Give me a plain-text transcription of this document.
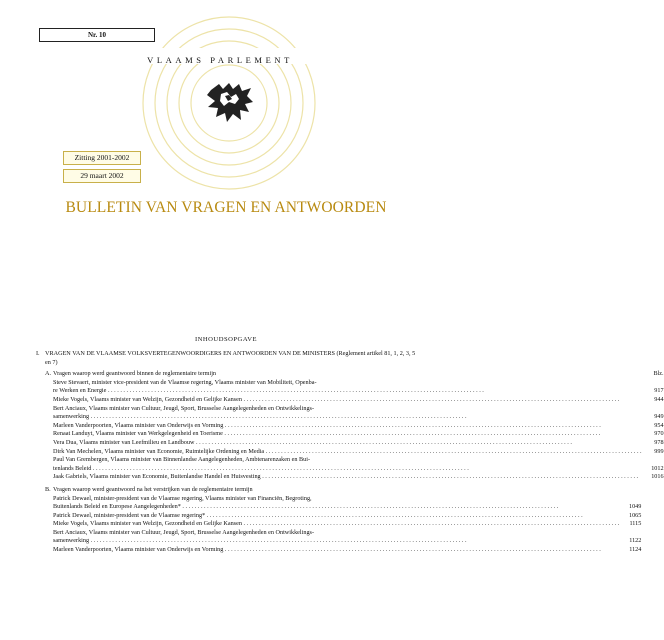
Nr. 10
VLAAMS PARLEMENT
Zitting 2001-2002
29 maart 2002
BULLETIN VAN VRAGEN EN ANTWOORDEN
INHOUDSOPGAVE
I. VRAGEN VAN DE VLAAMSE VOLKSVERTEGENWOORDIGERS EN ANTWOORDEN VAN DE MINISTERS (Reglement artikel 81, 1, 2, 3, 5 en 7)
A. Vragen waarop werd geantwoord binnen de reglementaire termijn	Blz.
Steve Stevaert, minister vice-president van de Vlaamse regering, Vlaams minister van Mobiliteit, Openba-
re Werken en Energie . . .	917
Mieke Vogels, Vlaams minister van Welzijn, Gezondheid en Gelijke Kansen . . .	944
Bert Anciaux, Vlaams minister van Cultuur, Jeugd, Sport, Brusselse Aangelegenheden en Ontwikkelings-
samenwerking . . .	949
Marleen Vanderpoorten, Vlaams minister van Onderwijs en Vorming . . .	954
Renaat Landuyt, Vlaams minister van Werkgelegenheid en Toerisme . . .	970
Vera Dua, Vlaams minister van Leefmilieu en Landbouw . . .	978
Dirk Van Mechelen, Vlaams minister van Economie, Ruimtelijke Ordening en Media . . .	999
Paul Van Grembergen, Vlaams minister van Binnenlandse Aangelegenheden, Ambtenarenzaken en Bui-
tenlands Beleid . . .	1012
Jaak Gabriels, Vlaams minister van Economie, Buitenlandse Handel en Huisvesting . . .	1016
B. Vragen waarop werd geantwoord na het verstrijken van de reglementaire termijn
Patrick Dewael, minister-president van de Vlaamse regering, Vlaams minister van Financiën, Begroting,
Buitenlands Beleid en Europese Aangelegenheden* . . .	1049
Patrick Dewael, minister-president van de Vlaamse regering* . . .	1065
Mieke Vogels, Vlaams minister van Welzijn, Gezondheid en Gelijke Kansen . . .	1115
Bert Anciaux, Vlaams minister van Cultuur, Jeugd, Sport, Brusselse Aangelegenheden en Ontwikkelings-
samenwerking . . .	1122
Marleen Vanderpoorten, Vlaams minister van Onderwijs en Vorming . . .	1124
